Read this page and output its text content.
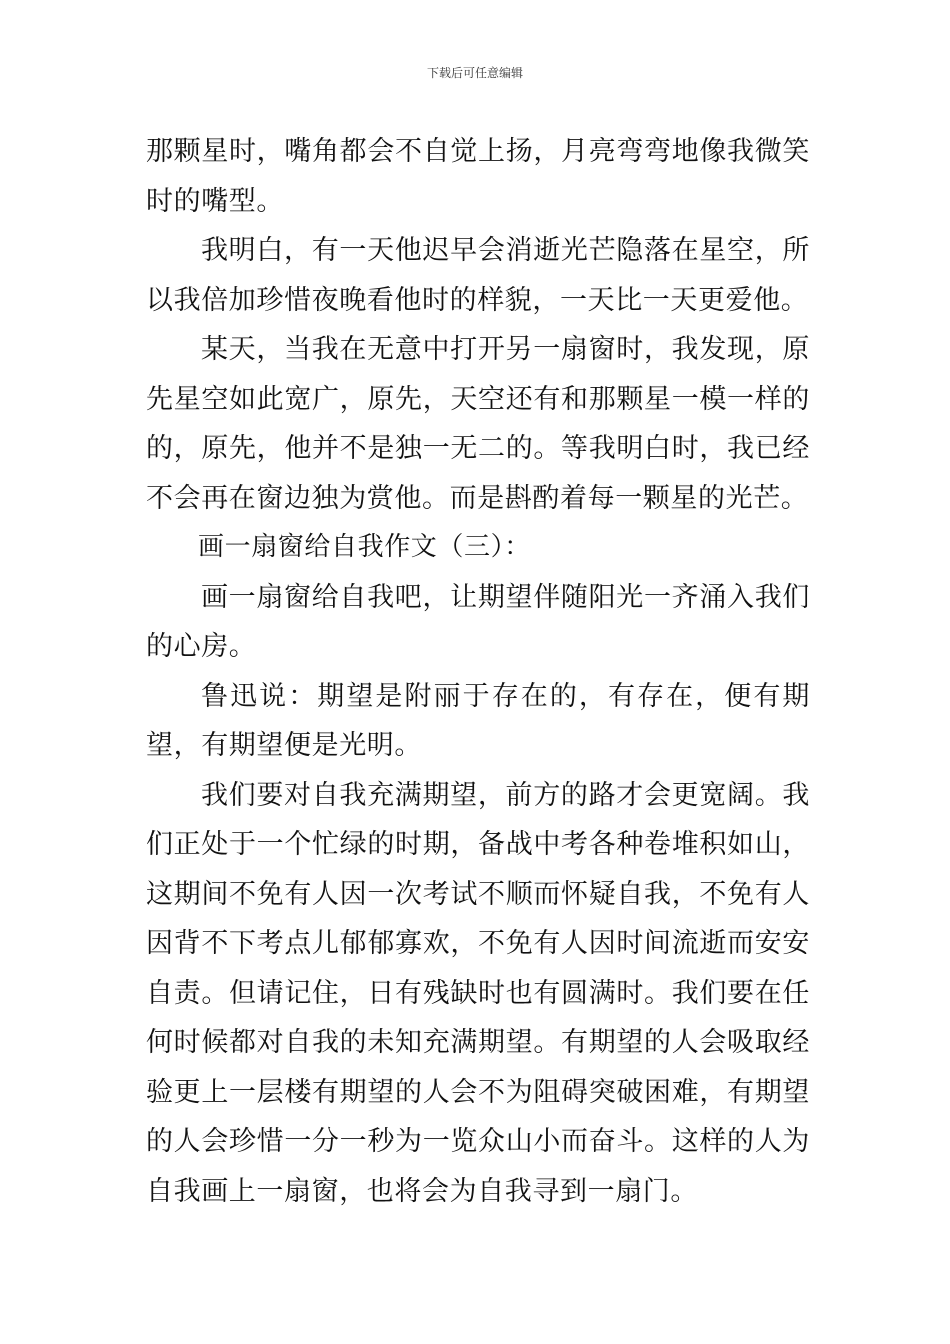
下载后可任意编辑

那颗星时，嘴角都会不自觉上扬，月亮弯弯地像我微笑时的嘴型。

我明白，有一天他迟早会消逝光芒隐落在星空，所以我倍加珍惜夜晚看他时的样貌，一天比一天更爱他。

某天，当我在无意中打开另一扇窗时，我发现，原先星空如此宽广，原先，天空还有和那颗星一模一样的的，原先，他并不是独一无二的。等我明白时，我已经不会再在窗边独为赏他。而是斟酌着每一颗星的光芒。

画一扇窗给自我作文（三）：

画一扇窗给自我吧，让期望伴随阳光一齐涌入我们的心房。

鲁迅说：期望是附丽于存在的，有存在，便有期望，有期望便是光明。

我们要对自我充满期望，前方的路才会更宽阔。我们正处于一个忙绿的时期，备战中考各种卷堆积如山，这期间不免有人因一次考试不顺而怀疑自我，不免有人因背不下考点儿郁郁寡欢，不免有人因时间流逝而安安自责。但请记住，日有残缺时也有圆满时。我们要在任何时候都对自我的未知充满期望。有期望的人会吸取经验更上一层楼有期望的人会不为阻碍突破困难，有期望的人会珍惜一分一秒为一览众山小而奋斗。这样的人为自我画上一扇窗，也将会为自我寻到一扇门。
